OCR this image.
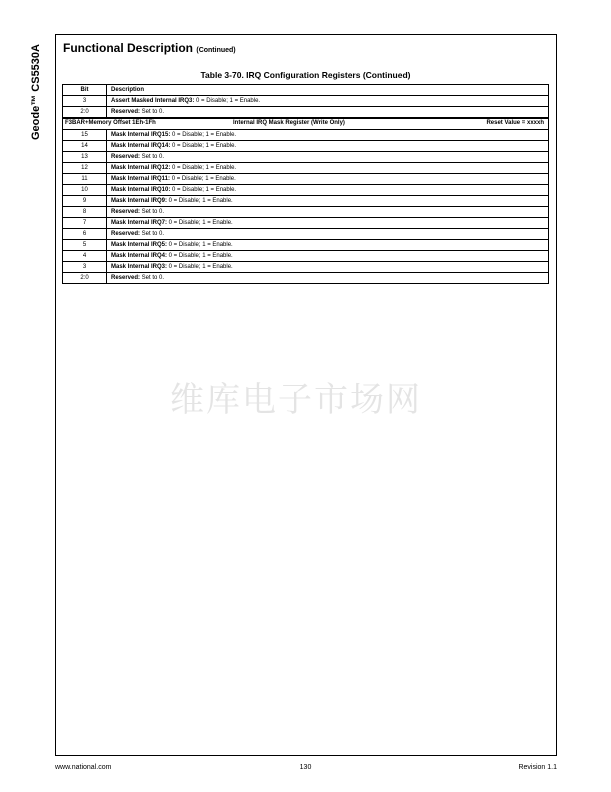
Geode™ CS5530A Functional Description (Continued)
Table 3-70. IRQ Configuration Registers (Continued)
Bit	Description
3	Assert Masked Internal IRQ3: 0 = Disable; 1 = Enable.
2:0	Reserved: Set to 0.

F3BAR+Memory Offset 1Eh-1Fh Internal IRQ Mask Register (Write Only) Reset Value = xxxxh	

15	Mask Internal IRQ15: 0 = Disable; 1 = Enable.
14	Mask Internal IRQ14: 0 = Disable; 1 = Enable.
13	Reserved: Set to 0.
12	Mask Internal IRQ12: 0 = Disable; 1 = Enable.
11	Mask Internal IRQ11: 0 = Disable; 1 = Enable.
10	Mask Internal IRQ10: 0 = Disable; 1 = Enable.
9	Mask Internal IRQ9: 0 = Disable; 1 = Enable.
8	Reserved: Set to 0.
7	Mask Internal IRQ7: 0 = Disable; 1 = Enable.
6	Reserved: Set to 0.
5	Mask Internal IRQ5: 0 = Disable; 1 = Enable.
4	Mask Internal IRQ4: 0 = Disable; 1 = Enable.
3	Mask Internal IRQ3: 0 = Disable; 1 = Enable.
2:0	Reserved: Set to 0.
维库电子市场网
www.national.com	130	Revision 1.1
